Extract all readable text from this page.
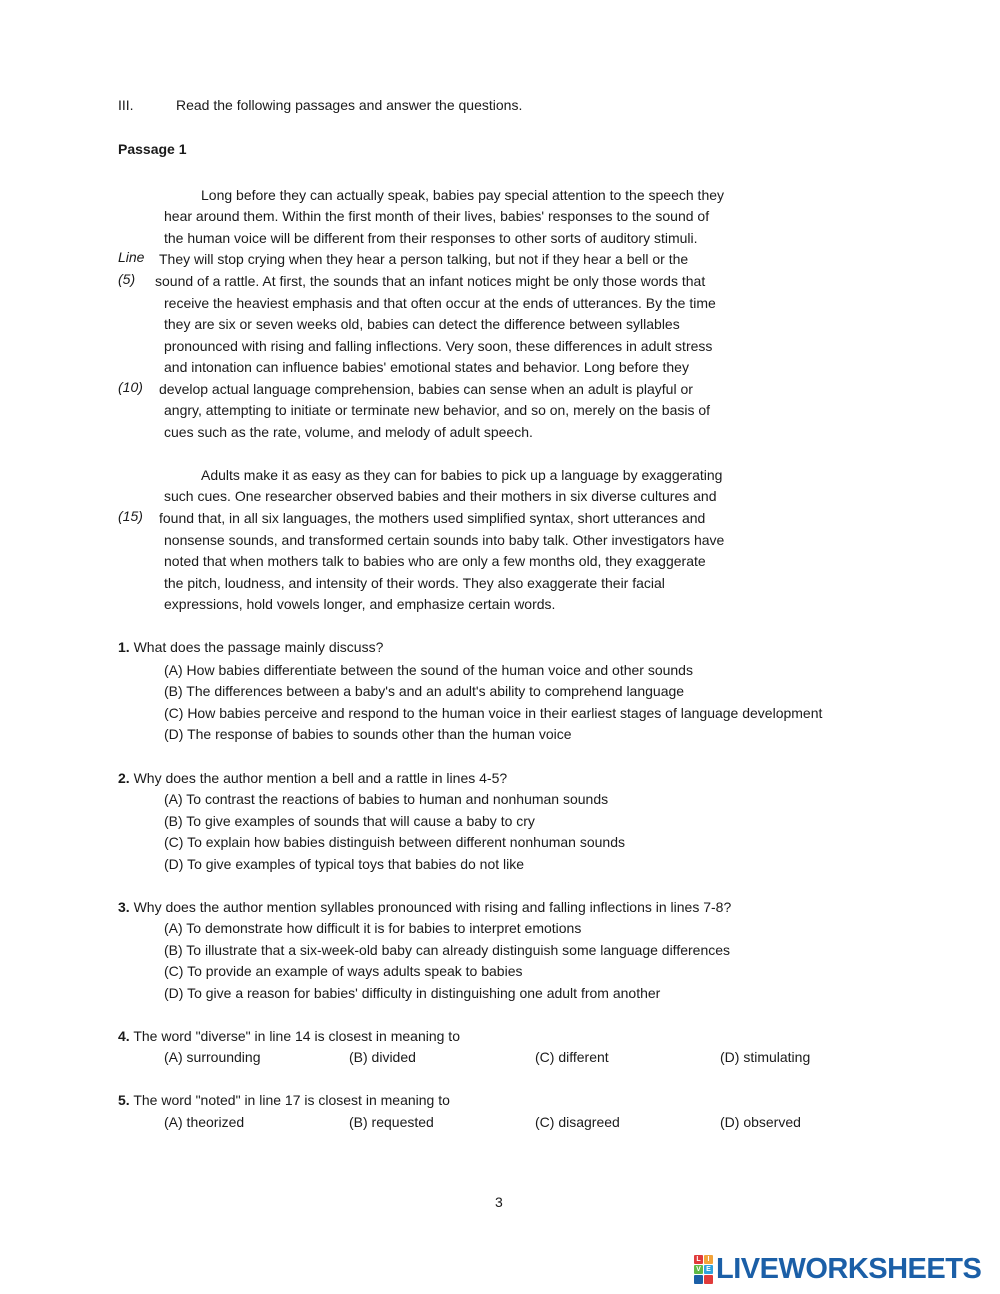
III.	Read the following passages and answer the questions.
Passage 1
Long before they can actually speak, babies pay special attention to the speech they
hear around them. Within the first month of their lives, babies' responses to the sound of
the human voice will be different from their responses to other sorts of auditory stimuli.
Line They will stop crying when they hear a person talking, but not if they hear a bell or the
(5) sound of a rattle. At first, the sounds that an infant notices might be only those words that
receive the heaviest emphasis and that often occur at the ends of utterances. By the time
they are six or seven weeks old, babies can detect the difference between syllables
pronounced with rising and falling inflections. Very soon, these differences in adult stress
and intonation can influence babies' emotional states and behavior. Long before they
(10) develop actual language comprehension, babies can sense when an adult is playful or
angry, attempting to initiate or terminate new behavior, and so on, merely on the basis of
cues such as the rate, volume, and melody of adult speech.
Adults make it as easy as they can for babies to pick up a language by exaggerating
such cues. One researcher observed babies and their mothers in six diverse cultures and
(15) found that, in all six languages, the mothers used simplified syntax, short utterances and
nonsense sounds, and transformed certain sounds into baby talk. Other investigators have
noted that when mothers talk to babies who are only a few months old, they exaggerate
the pitch, loudness, and intensity of their words. They also exaggerate their facial
expressions, hold vowels longer, and emphasize certain words.
1. What does the passage mainly discuss?
(A) How babies differentiate between the sound of the human voice and other sounds
(B) The differences between a baby's and an adult's ability to comprehend language
(C) How babies perceive and respond to the human voice in their earliest stages of language development
(D) The response of babies to sounds other than the human voice
2. Why does the author mention a bell and a rattle in lines 4-5?
(A) To contrast the reactions of babies to human and nonhuman sounds
(B) To give examples of sounds that will cause a baby to cry
(C) To explain how babies distinguish between different nonhuman sounds
(D) To give examples of typical toys that babies do not like
3. Why does the author mention syllables pronounced with rising and falling inflections in lines 7-8?
(A) To demonstrate how difficult it is for babies to interpret emotions
(B) To illustrate that a six-week-old baby can already distinguish some language differences
(C) To provide an example of ways adults speak to babies
(D) To give a reason for babies' difficulty in distinguishing one adult from another
4. The word "diverse" in line 14 is closest in meaning to
(A) surrounding	(B) divided	(C) different	(D) stimulating
5. The word "noted" in line 17 is closest in meaning to
(A) theorized	(B) requested	(C) disagreed	(D) observed
3
L I
V E LIVEWORKSHEETS
